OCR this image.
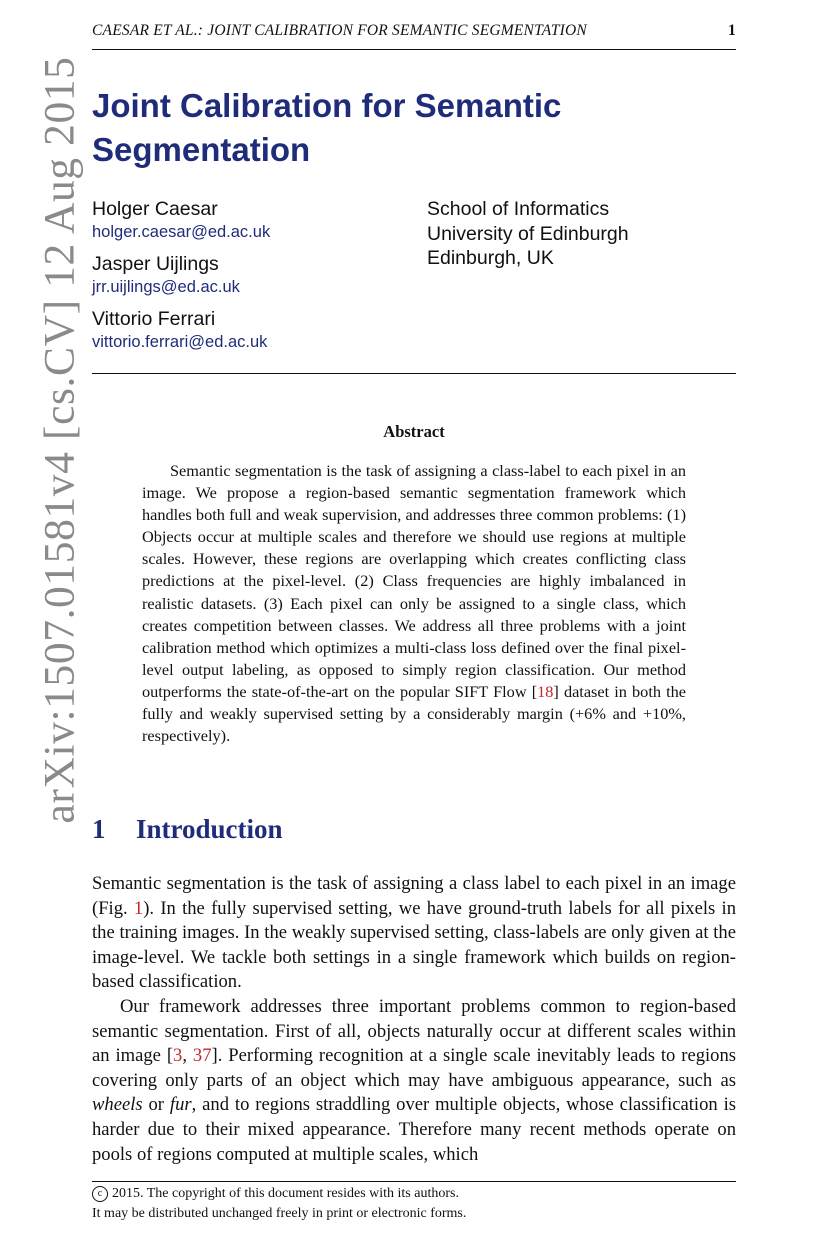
CAESAR ET AL.: JOINT CALIBRATION FOR SEMANTIC SEGMENTATION	1
arXiv:1507.01581v4 [cs.CV] 12 Aug 2015 Joint Calibration for Semantic Segmentation
Holger Caesar
holger.caesar@ed.ac.uk
Jasper Uijlings
jrr.uijlings@ed.ac.uk
Vittorio Ferrari
vittorio.ferrari@ed.ac.uk
School of Informatics
University of Edinburgh
Edinburgh, UK
Abstract
Semantic segmentation is the task of assigning a class-label to each pixel in an image. We propose a region-based semantic segmentation framework which handles both full and weak supervision, and addresses three common problems: (1) Objects occur at multiple scales and therefore we should use regions at multiple scales. However, these regions are overlapping which creates conflicting class predictions at the pixel-level. (2) Class frequencies are highly imbalanced in realistic datasets. (3) Each pixel can only be assigned to a single class, which creates competition between classes. We address all three problems with a joint calibration method which optimizes a multi-class loss defined over the final pixel-level output labeling, as opposed to simply region classification. Our method outperforms the state-of-the-art on the popular SIFT Flow [18] dataset in both the fully and weakly supervised setting by a considerably margin (+6% and +10%, respectively).
1 Introduction

Semantic segmentation is the task of assigning a class label to each pixel in an image (Fig. 1). In the fully supervised setting, we have ground-truth labels for all pixels in the training images. In the weakly supervised setting, class-labels are only given at the image-level. We tackle both settings in a single framework which builds on region-based classification.

Our framework addresses three important problems common to region-based semantic segmentation. First of all, objects naturally occur at different scales within an image [3, 37]. Performing recognition at a single scale inevitably leads to regions covering only parts of an object which may have ambiguous appearance, such as wheels or fur, and to regions straddling over multiple objects, whose classification is harder due to their mixed appearance. Therefore many recent methods operate on pools of regions computed at multiple scales, which

c 2015. The copyright of this document resides with its authors.
It may be distributed unchanged freely in print or electronic forms.
